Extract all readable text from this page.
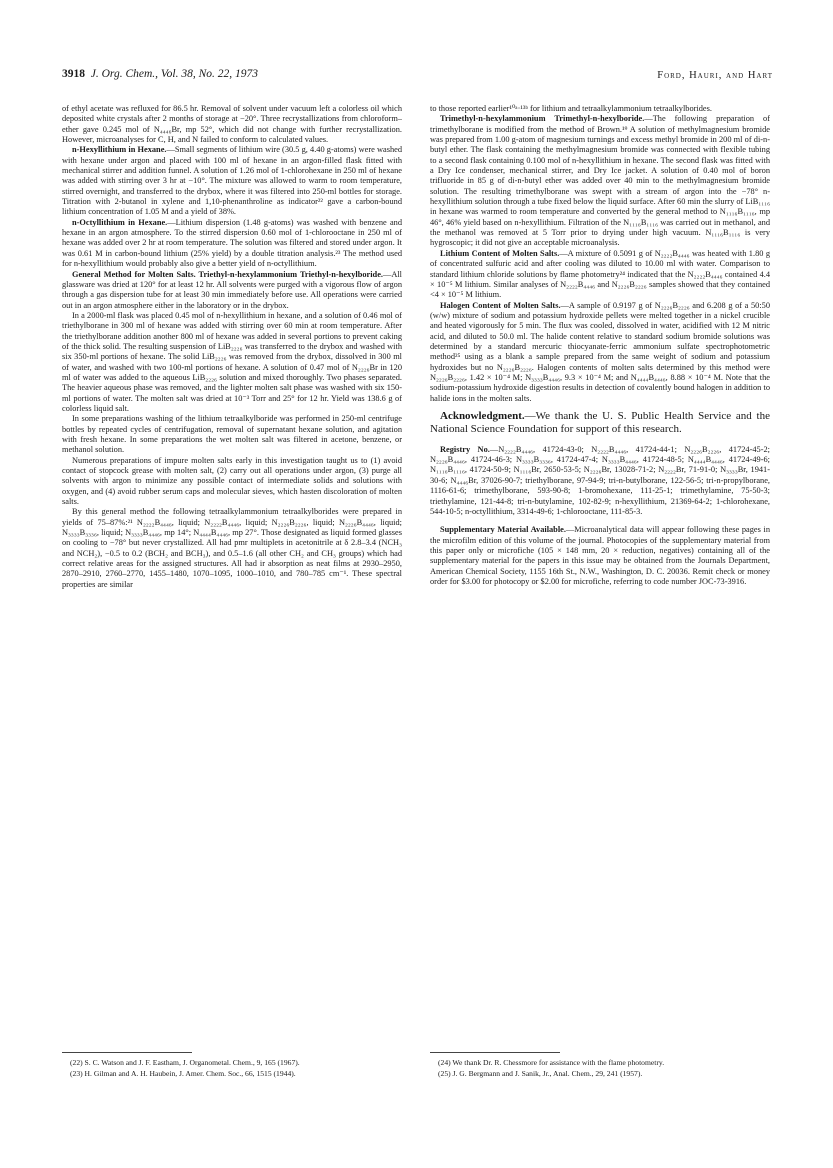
3918 J. Org. Chem., Vol. 38, No. 22, 1973	Ford, Hauri, and Hart

of ethyl acetate was refluxed for 86.5 hr. Removal of solvent under vacuum left a colorless oil which deposited white crystals after 2 months of storage at −20°. Three recrystallizations from chloroform–ether gave 0.245 mol of N₄₄₄₆Br, mp 52°, which did not change with further recrystallization. However, microanalyses for C, H, and N failed to conform to calculated values.

n-Hexyllithium in Hexane.—Small segments of lithium wire (30.5 g, 4.40 g-atoms) were washed with hexane under argon and placed with 100 ml of hexane in an argon-filled flask fitted with mechanical stirrer and addition funnel. A solution of 1.26 mol of 1-chlorohexane in 250 ml of hexane was added with stirring over 3 hr at −10°. The mixture was allowed to warm to room temperature, stirred overnight, and transferred to the drybox, where it was filtered into 250-ml bottles for storage. Titration with 2-butanol in xylene and 1,10-phenanthroline as indicator²² gave a carbon-bound lithium concentration of 1.05 M and a yield of 38%.

n-Octyllithium in Hexane.—Lithium dispersion (1.48 g-atoms) was washed with benzene and hexane in an argon atmosphere. To the stirred dispersion 0.60 mol of 1-chlorooctane in 250 ml of hexane was added over 2 hr at room temperature. The solution was filtered and stored under argon. It was 0.61 M in carbon-bound lithium (25% yield) by a double titration analysis.²³ The method used for n-hexyllithium would probably also give a better yield of n-octyllithium.

General Method for Molten Salts. Triethyl-n-hexylammonium Triethyl-n-hexylboride.—All glassware was dried at 120° for at least 12 hr. All solvents were purged with a vigorous flow of argon through a gas dispersion tube for at least 30 min immediately before use. All operations were carried out in an argon atmosphere either in the laboratory or in the drybox.

In a 2000-ml flask was placed 0.45 mol of n-hexyllithium in hexane, and a solution of 0.46 mol of triethylborane in 300 ml of hexane was added with stirring over 60 min at room temperature. After the triethylborane addition another 800 ml of hexane was added in several portions to prevent caking of the thick solid. The resulting suspension of LiB₂₂₂₆ was transferred to the drybox and washed with six 350-ml portions of hexane. The solid LiB₂₂₂₆ was removed from the drybox, dissolved in 300 ml of water, and washed with two 100-ml portions of hexane. A solution of 0.47 mol of N₂₂₂₆Br in 120 ml of water was added to the aqueous LiB₂₂₂₆ solution and mixed thoroughly. Two phases separated. The heavier aqueous phase was removed, and the lighter molten salt phase was washed with six 150-ml portions of water. The molten salt was dried at 10⁻³ Torr and 25° for 12 hr. Yield was 138.6 g of colorless liquid salt.

In some preparations washing of the lithium tetraalkylboride was performed in 250-ml centrifuge bottles by repeated cycles of centrifugation, removal of supernatant hexane solution, and agitation with fresh hexane. In some preparations the wet molten salt was filtered in acetone, benzene, or methanol solution.

Numerous preparations of impure molten salts early in this investigation taught us to (1) avoid contact of stopcock grease with molten salt, (2) carry out all operations under argon, (3) purge all solvents with argon to minimize any possible contact of intermediate solids and solutions with oxygen, and (4) avoid rubber serum caps and molecular sieves, which hasten discoloration of molten salts.

By this general method the following tetraalkylammonium tetraalkylborides were prepared in yields of 75–87%:²¹ N₂₂₂₂B₄₄₄₆, liquid; N₂₂₂₂B₄₄₄₆, liquid; N₂₂₂₆B₂₂₂₆, liquid; N₂₂₂₆B₄₄₄₆, liquid; N₃₃₃₃B₃₃₃₆, liquid; N₃₃₃₃B₄₄₄₆, mp 14°; N₄₄₄₄B₄₄₄₆, mp 27°. Those designated as liquid formed glasses on cooling to −78° but never crystallized. All had pmr multiplets in acetonitrile at δ 2.8–3.4 (NCH₃ and NCH₂), −0.5 to 0.2 (BCH₂ and BCH₃), and 0.5–1.6 (all other CH₂ and CH₃ groups) which had correct relative areas for the assigned structures. All had ir absorption as neat films at 2930–2950, 2870–2910, 2760–2770, 1455–1480, 1070–1095, 1000–1010, and 780–785 cm⁻¹. These spectral properties are similar

to those reported earlier¹⁰ᵃ·¹³ᵇ for lithium and tetraalkylammonium tetraalkylborides.

Trimethyl-n-hexylammonium Trimethyl-n-hexylboride.—The following preparation of trimethylborane is modified from the method of Brown.¹⁹ A solution of methylmagnesium bromide was prepared from 1.00 g-atom of magnesium turnings and excess methyl bromide in 200 ml of di-n-butyl ether. The flask containing the methylmagnesium bromide was connected with flexible tubing to a second flask containing 0.100 mol of n-hexyllithium in hexane. The second flask was fitted with a Dry Ice condenser, mechanical stirrer, and Dry Ice jacket. A solution of 0.40 mol of boron trifluoride in 85 g of di-n-butyl ether was added over 40 min to the methylmagnesium bromide solution. The resulting trimethylborane was swept with a stream of argon into the −78° n-hexyllithium solution through a tube fixed below the liquid surface. After 60 min the slurry of LiB₁₁₁₆ in hexane was warmed to room temperature and converted by the general method to N₁₁₁₆B₁₁₁₆, mp 46°, 46% yield based on n-hexyllithium. Filtration of the N₁₁₁₆B₁₁₁₆ was carried out in methanol, and the methanol was removed at 5 Torr prior to drying under high vacuum. N₁₁₁₆B₁₁₁₆ is very hygroscopic; it did not give an acceptable microanalysis.

Lithium Content of Molten Salts.—A mixture of 0.5091 g of N₂₂₂₂B₄₄₄₆ was heated with 1.80 g of concentrated sulfuric acid and after cooling was diluted to 10.00 ml with water. Comparison to standard lithium chloride solutions by flame photometry²⁴ indicated that the N₂₂₂₂B₄₄₄₆ contained 4.4 × 10⁻⁵ M lithium. Similar analyses of N₂₂₂₂B₄₄₄₆ and N₂₂₂₆B₂₂₂₆ samples showed that they contained <4 × 10⁻⁵ M lithium.

Halogen Content of Molten Salts.—A sample of 0.9197 g of N₂₂₂₆B₂₂₂₆ and 6.208 g of a 50:50 (w/w) mixture of sodium and potassium hydroxide pellets were melted together in a nickel crucible and heated vigorously for 5 min. The flux was cooled, dissolved in water, acidified with 12 M nitric acid, and diluted to 50.0 ml. The halide content relative to standard sodium bromide solutions was determined by a standard mercuric thiocyanate-ferric ammonium sulfate spectrophotometric method²⁵ using as a blank a sample prepared from the same weight of sodium and potassium hydroxides but no N₂₂₂₆B₂₂₂₆. Halogen contents of molten salts determined by this method were N₂₂₂₆B₂₂₂₆, 1.42 × 10⁻⁴ M; N₃₃₃₃B₄₄₄₆, 9.3 × 10⁻⁴ M; and N₄₄₄₄B₄₄₄₆, 8.88 × 10⁻⁴ M. Note that the sodium-potassium hydroxide digestion results in detection of covalently bound halogen in addition to halide ions in the molten salts.

Acknowledgment.—We thank the U. S. Public Health Service and the National Science Foundation for support of this research.

Registry No.—N₂₂₂₂B₄₄₄₆, 41724-43-0; N₂₂₂₂B₄₄₄₆, 41724-44-1; N₂₂₂₆B₂₂₂₆, 41724-45-2; N₂₂₂₆B₄₄₄₆, 41724-46-3; N₃₃₃₃B₃₃₃₆, 41724-47-4; N₃₃₃₃B₄₄₄₆, 41724-48-5; N₄₄₄₄B₄₄₄₆, 41724-49-6; N₁₁₁₆B₁₁₁₆, 41724-50-9; N₁₁₁₆Br, 2650-53-5; N₂₂₂₆Br, 13028-71-2; N₂₂₂₂Br, 71-91-0; N₃₃₃₃Br, 1941-30-6; N₄₄₄₆Br, 37026-90-7; triethylborane, 97-94-9; tri-n-butylborane, 122-56-5; tri-n-propylborane, 1116-61-6; trimethylborane, 593-90-8; 1-bromohexane, 111-25-1; trimethylamine, 75-50-3; triethylamine, 121-44-8; tri-n-butylamine, 102-82-9; n-hexyllithium, 21369-64-2; 1-chlorohexane, 544-10-5; n-octyllithium, 3314-49-6; 1-chlorooctane, 111-85-3.

Supplementary Material Available.—Microanalytical data will appear following these pages in the microfilm edition of this volume of the journal. Photocopies of the supplementary material from this paper only or microfiche (105 × 148 mm, 20 × reduction, negatives) containing all of the supplementary material for the papers in this issue may be obtained from the Journals Department, American Chemical Society, 1155 16th St., N.W., Washington, D. C. 20036. Remit check or money order for $3.00 for photocopy or $2.00 for microfiche, referring to code number JOC-73-3916.

(22) S. C. Watson and J. F. Eastham, J. Organometal. Chem., 9, 165 (1967).
(23) H. Gilman and A. H. Haubein, J. Amer. Chem. Soc., 66, 1515 (1944).
(24) We thank Dr. R. Chessmore for assistance with the flame photometry.
(25) J. G. Bergmann and J. Sanik, Jr., Anal. Chem., 29, 241 (1957).
